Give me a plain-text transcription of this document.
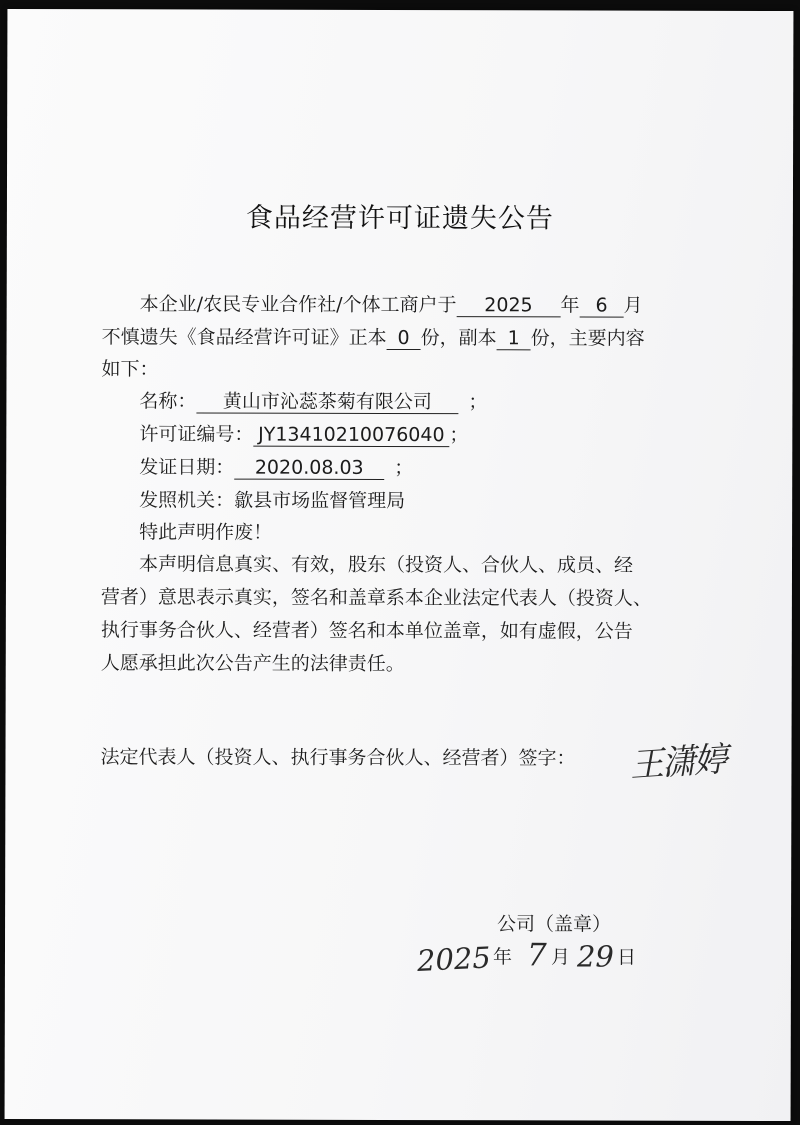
食品经营许可证遗失公告
本企业/农民专业合作社/个体工商户于 2025 年 6 月
不慎遗失《食品经营许可证》正本 0 份，副本 1 份，主要内容
如下：
名称： 黄山市沁蕊茶菊有限公司 ；
许可证编号： JY13410210076040 ；
发证日期： 2020.08.03 ；
发照机关：歙县市场监督管理局
特此声明作废！
本声明信息真实、有效，股东（投资人、合伙人、成员、经
营者）意思表示真实，签名和盖章系本企业法定代表人（投资人、
执行事务合伙人、经营者）签名和本单位盖章，如有虚假，公告
人愿承担此次公告产生的法律责任。
法定代表人（投资人、执行事务合伙人、经营者）签字： 王潇婷
公司（盖章）
2025 年 7 月 29 日
